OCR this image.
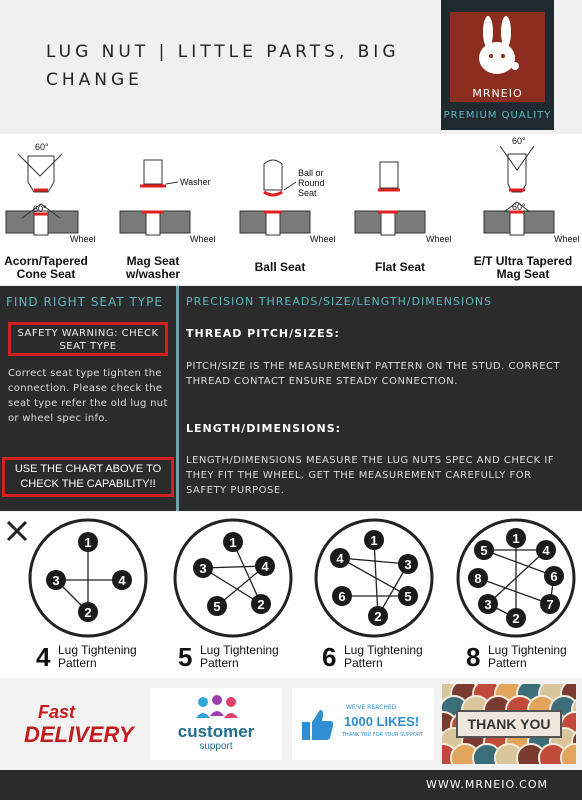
LUG NUT | LITTLE PARTS, BIG CHANGE
MRNEIO
PREMIUM QUALITY
60°
60°
60°
60°
Washer
Ball or
Round
Seat
Wheel	Wheel	Wheel	Wheel	Wheel
Acorn/Tapered Cone Seat
Mag Seat w/washer	Ball Seat	Flat Seat	E/T Ultra Tapered Mag Seat
FIND RIGHT SEAT TYPE
SAFETY WARNING: CHECK SEAT TYPE
Correct seat type tighten the connection. Please check the seat type refer the old lug nut or wheel spec info.
USE THE CHART ABOVE TO CHECK THE CAPABILITY!!
PRECISION THREADS/SIZE/LENGTH/DIMENSIONS
THREAD PITCH/SIZES:
PITCH/SIZE IS THE MEASUREMENT PATTERN ON THE STUD. CORRECT THREAD CONTACT ENSURE STEADY CONNECTION.
LENGTH/DIMENSIONS:
LENGTH/DIMENSIONS MEASURE THE LUG NUTS SPEC AND CHECK IF THEY FIT THE WHEEL. GET THE MEASUREMENT CAREFULLY FOR SAFETY PURPOSE.
1
2
3	4
1
2
3	4
5
1
2
3
4
5
6
1
2
3
4
5
6
7
8
4 Lug Tightening
Pattern	5 Lug Tightening
Pattern	6 Lug Tightening
Pattern	8 Lug Tightening
Pattern
Fast
DELIVERY	customer
support
WE'VE REACHED
1000 LIKES!
THANK YOU FOR YOUR SUPPORT
THANK YOU
WWW.MRNEIO.COM
